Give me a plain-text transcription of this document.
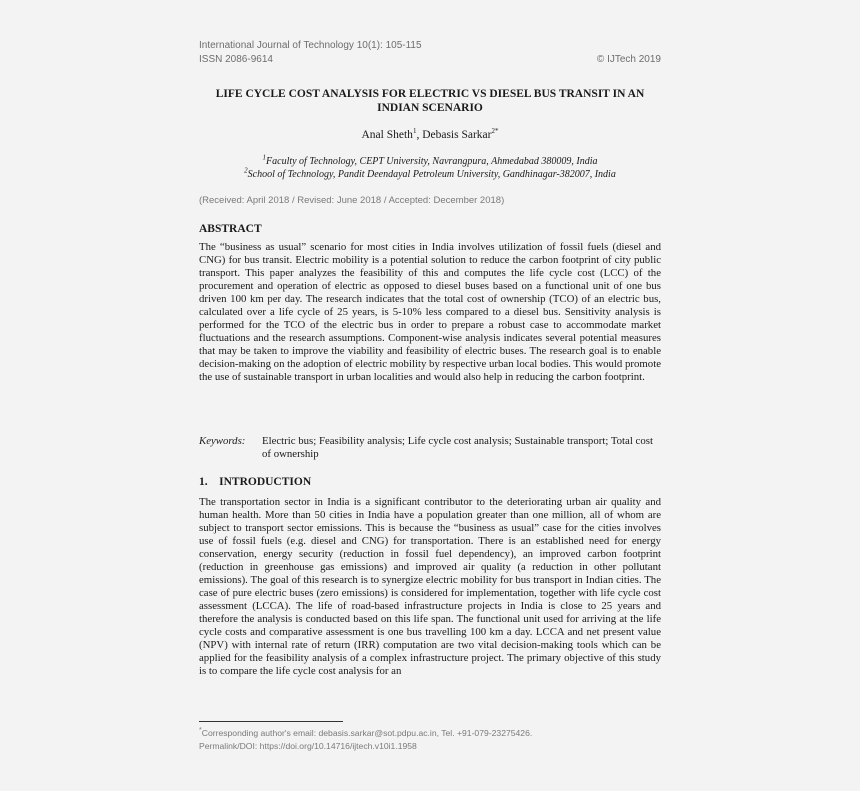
International Journal of Technology 10(1): 105-115
ISSN 2086-9614	© IJTech 2019
LIFE CYCLE COST ANALYSIS FOR ELECTRIC VS DIESEL BUS TRANSIT IN AN INDIAN SCENARIO
Anal Sheth$^1$, Debasis Sarkar$^{2*}$
$^1$Faculty of Technology, CEPT University, Navrangpura, Ahmedabad 380009, India
$^2$School of Technology, Pandit Deendayal Petroleum University, Gandhinagar-382007, India
(Received: April 2018 / Revised: June 2018 / Accepted: December 2018)
ABSTRACT
The “business as usual” scenario for most cities in India involves utilization of fossil fuels (diesel and CNG) for bus transit. Electric mobility is a potential solution to reduce the carbon footprint of city public transport. This paper analyzes the feasibility of this and computes the life cycle cost (LCC) of the procurement and operation of electric as opposed to diesel buses based on a functional unit of one bus driven 100 km per day. The research indicates that the total cost of ownership (TCO) of an electric bus, calculated over a life cycle of 25 years, is 5-10% less compared to a diesel bus. Sensitivity analysis is performed for the TCO of the electric bus in order to prepare a robust case to accommodate market fluctuations and the research assumptions. Component-wise analysis indicates several potential measures that may be taken to improve the viability and feasibility of electric buses. The research goal is to enable decision-making on the adoption of electric mobility by respective urban local bodies. This would promote the use of sustainable transport in urban localities and would also help in reducing the carbon footprint.
Keywords: Electric bus; Feasibility analysis; Life cycle cost analysis; Sustainable transport; Total cost of ownership
1.    INTRODUCTION
The transportation sector in India is a significant contributor to the deteriorating urban air quality and human health. More than 50 cities in India have a population greater than one million, all of whom are subject to transport sector emissions. This is because the “business as usual” case for the cities involves use of fossil fuels (e.g. diesel and CNG) for transportation. There is an established need for energy conservation, energy security (reduction in fossil fuel dependency), an improved carbon footprint (reduction in greenhouse gas emissions) and improved air quality (a reduction in other pollutant emissions). The goal of this research is to synergize electric mobility for bus transport in Indian cities. The case of pure electric buses (zero emissions) is considered for implementation, together with life cycle cost assessment (LCCA). The life of road-based infrastructure projects in India is close to 25 years and therefore the analysis is conducted based on this life span. The functional unit used for arriving at the life cycle costs and comparative assessment is one bus travelling 100 km a day. LCCA and net present value (NPV) with internal rate of return (IRR) computation are two vital decision-making tools which can be applied for the feasibility analysis of a complex infrastructure project. The primary objective of this study is to compare the life cycle cost analysis for an
*Corresponding author's email: debasis.sarkar@sot.pdpu.ac.in, Tel. +91-079-23275426.
Permalink/DOI: https://doi.org/10.14716/ijtech.v10i1.1958
